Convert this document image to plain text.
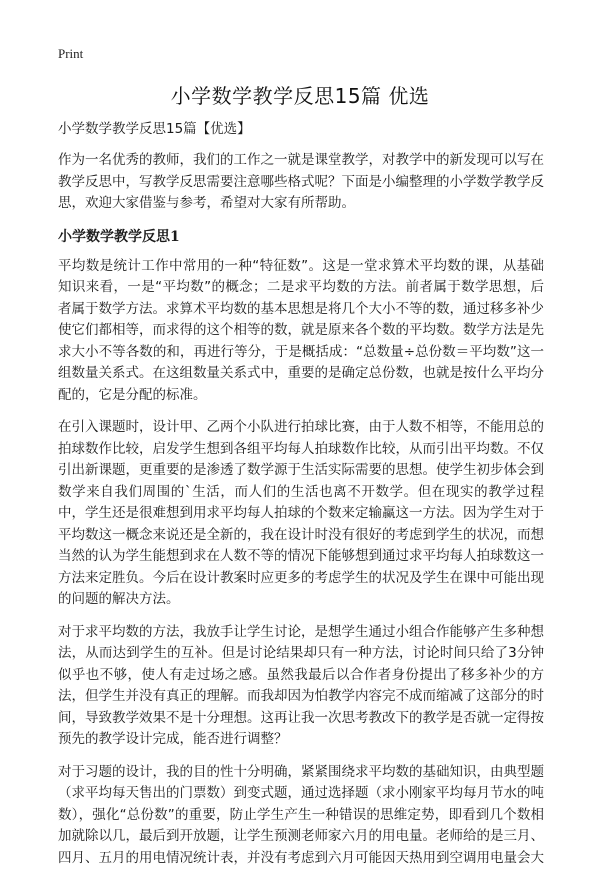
Print
小学数学教学反思15篇 优选
小学数学教学反思15篇【优选】

作为一名优秀的教师，我们的工作之一就是课堂教学，对教学中的新发现可以写在教学反思中，写教学反思需要注意哪些格式呢？下面是小编整理的小学数学教学反思，欢迎大家借鉴与参考，希望对大家有所帮助。

小学数学教学反思1

平均数是统计工作中常用的一种“特征数”。这是一堂求算术平均数的课，从基础知识来看，一是“平均数”的概念；二是求平均数的方法。前者属于数学思想，后者属于数学方法。求算术平均数的基本思想是将几个大小不等的数，通过移多补少使它们都相等，而求得的这个相等的数，就是原来各个数的平均数。数学方法是先求大小不等各数的和，再进行等分，于是概括成：“总数量÷总份数＝平均数”这一组数量关系式。在这组数量关系式中，重要的是确定总份数，也就是按什么平均分配的，它是分配的标准。

在引入课题时，设计甲、乙两个小队进行拍球比赛，由于人数不相等，不能用总的拍球数作比较，启发学生想到各组平均每人拍球数作比较，从而引出平均数。不仅引出新课题，更重要的是渗透了数学源于生活实际需要的思想。使学生初步体会到数学来自我们周围的`生活，而人们的生活也离不开数学。但在现实的教学过程中，学生还是很难想到用求平均每人拍球的个数来定输赢这一方法。因为学生对于平均数这一概念来说还是全新的，我在设计时没有很好的考虑到学生的状况，而想当然的认为学生能想到求在人数不等的情况下能够想到通过求平均每人拍球数这一方法来定胜负。今后在设计教案时应更多的考虑学生的状况及学生在课中可能出现的问题的解决方法。

对于求平均数的方法，我放手让学生讨论，是想学生通过小组合作能够产生多种想法，从而达到学生的互补。但是讨论结果却只有一种方法，讨论时间只给了3分钟似乎也不够，使人有走过场之感。虽然我最后以合作者身份提出了移多补少的方法，但学生并没有真正的理解。而我却因为怕教学内容完不成而缩减了这部分的时间，导致教学效果不是十分理想。这再让我一次思考教改下的教学是否就一定得按预先的教学设计完成，能否进行调整？

对于习题的设计，我的目的性十分明确，紧紧围绕求平均数的基础知识，由典型题（求平均每天售出的门票数）到变式题，通过选择题（求小刚家平均每月节水的吨数），强化“总份数”的重要，防止学生产生一种错误的思维定势，即看到几个数相加就除以几，最后到开放题，让学生预测老师家六月的用电量。老师给的是三月、四月、五月的用电情况统计表，并没有考虑到六月可能因天热用到空调用电量会大
